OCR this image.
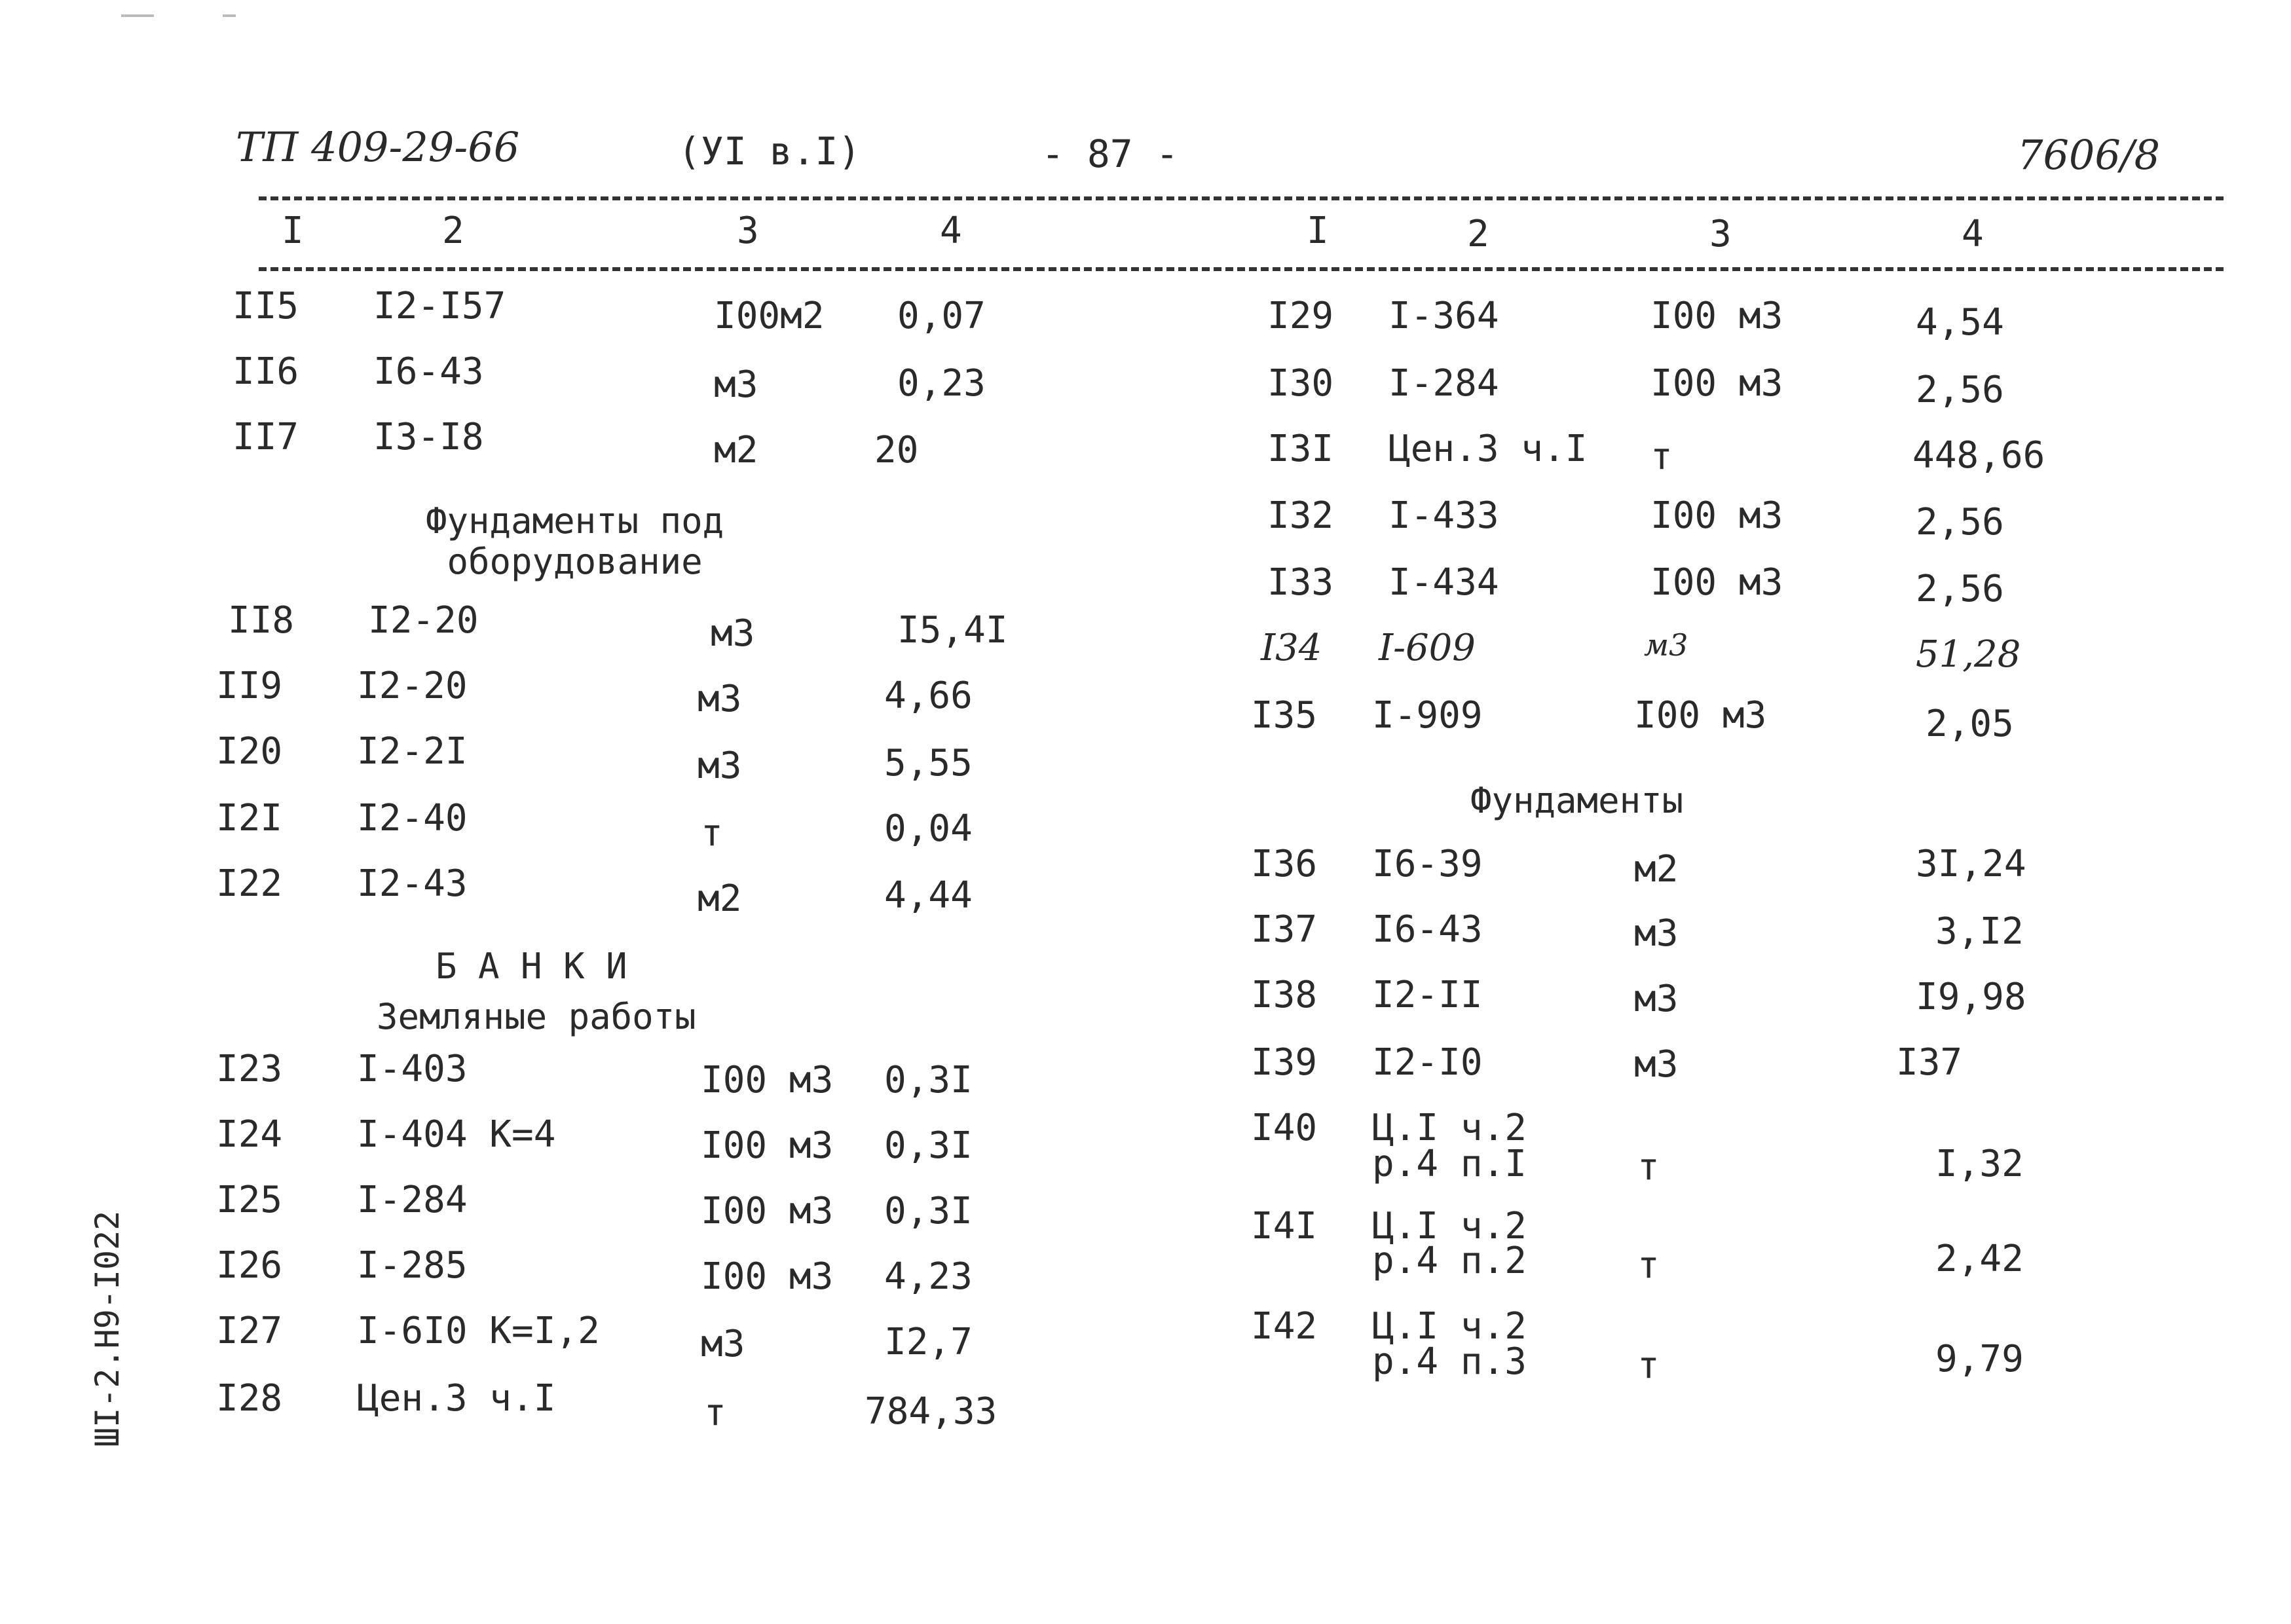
ТП 409-29-66	(УI в.I)	- 87 -	7606/8
I	2	3	4	I	2	3	4
II5 I2-I57	I00м2 0,07
II6 I6-43	м3	0,23
II7 I3-I8	м2	20
Фундаменты под
оборудование
II8 I2-20	м3	I5,4I
II9 I2-20	м3	4,66
I20 I2-2I	м3	5,55
I2I I2-40	т	0,04
I22 I2-43	м2	4,44
Б А Н К И
Земляные работы
I23 I-403	I00 м3 0,3I
I24 I-404 К=4	I00 м3 0,3I
I25 I-284	I00 м3 0,3I
I26 I-285	I00 м3 4,23
I27 I-6I0 К=I,2	м3	I2,7
I28 Цен.3 ч.I	т	784,33
I29 I-364	I00 м3	4,54
I30 I-284	I00 м3	2,56
I3I Цен.3 ч.I т	448,66
I32 I-433	I00 м3	2,56
I33 I-434	I00 м3	2,56
I34 I-609	м3	51,28
I35 I-909	I00 м3	2,05
Фундаменты
I36 I6-39	м2	3I,24
I37 I6-43	м3	3,I2
I38 I2-II	м3	I9,98
I39 I2-I0	м3	I37
I40 Ц.I ч.2
р.4 п.I	т	I,32
I4I Ц.I ч.2
р.4 п.2	т	2,42
I42 Ц.I ч.2
р.4 п.3	т	9,79
ШI-2.Н9-I022
